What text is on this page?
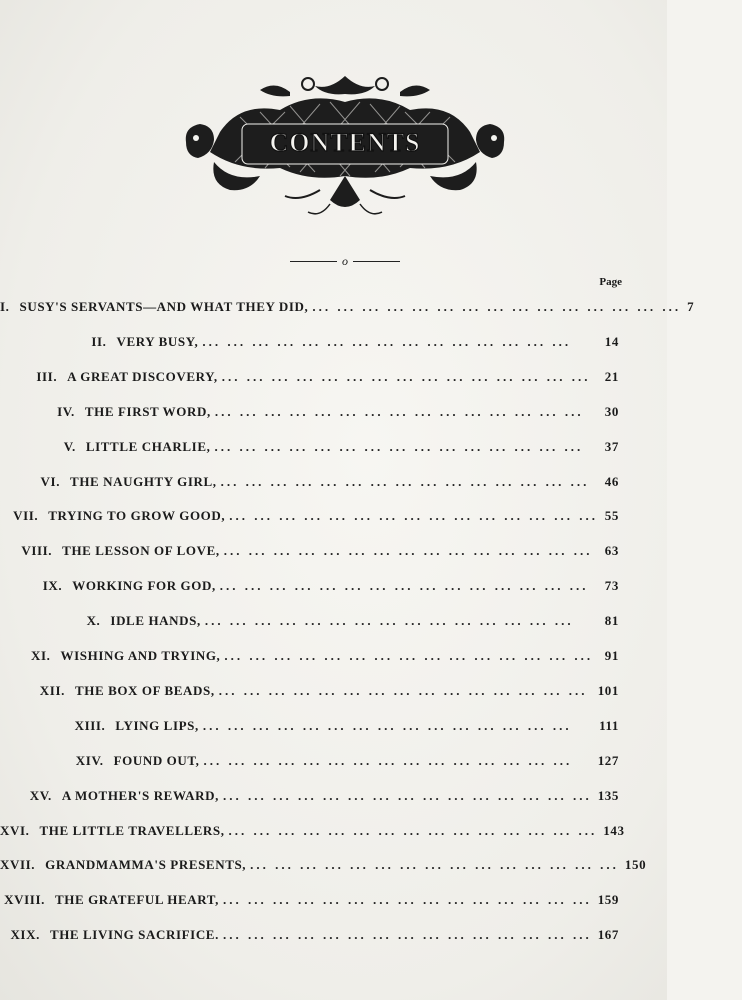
CONTENTS
o
Page
I. SUSY'S SERVANTS—AND WHAT THEY DID, ... ... ... ... ... ... ... ... ... ... ... ... ... ... ... 7
II. VERY BUSY, ... ... ... ... ... ... ... ... ... ... ... ... ... ... ...	14
III. A GREAT DISCOVERY, ... ... ... ... ... ... ... ... ... ... ... ... ... ... ...	21
IV. THE FIRST WORD, ... ... ... ... ... ... ... ... ... ... ... ... ... ... ...	30
V. LITTLE CHARLIE, ... ... ... ... ... ... ... ... ... ... ... ... ... ... ...	37
VI. THE NAUGHTY GIRL, ... ... ... ... ... ... ... ... ... ... ... ... ... ... ...	46
VII. TRYING TO GROW GOOD, ... ... ... ... ... ... ... ... ... ... ... ... ... ... ... 55
VIII. THE LESSON OF LOVE, ... ... ... ... ... ... ... ... ... ... ... ... ... ... ... 63
IX. WORKING FOR GOD, ... ... ... ... ... ... ... ... ... ... ... ... ... ... ...	73
X. IDLE HANDS, ... ... ... ... ... ... ... ... ... ... ... ... ... ... ...	81
XI. WISHING AND TRYING, ... ... ... ... ... ... ... ... ... ... ... ... ... ... ... 91
XII. THE BOX OF BEADS, ... ... ... ... ... ... ... ... ... ... ... ... ... ... ... 101
XIII. LYING LIPS, ... ... ... ... ... ... ... ... ... ... ... ... ... ... ...	111
XIV. FOUND OUT, ... ... ... ... ... ... ... ... ... ... ... ... ... ... ...	127
XV. A MOTHER'S REWARD, ... ... ... ... ... ... ... ... ... ... ... ... ... ... ... 135
XVI. THE LITTLE TRAVELLERS, ... ... ... ... ... ... ... ... ... ... ... ... ... ... ... 143
XVII. GRANDMAMMA'S PRESENTS, ... ... ... ... ... ... ... ... ... ... ... ... ... ... ... 150
XVIII. THE GRATEFUL HEART, ... ... ... ... ... ... ... ... ... ... ... ... ... ... ... 159
XIX. THE LIVING SACRIFICE. ... ... ... ... ... ... ... ... ... ... ... ... ... ... ... 167
